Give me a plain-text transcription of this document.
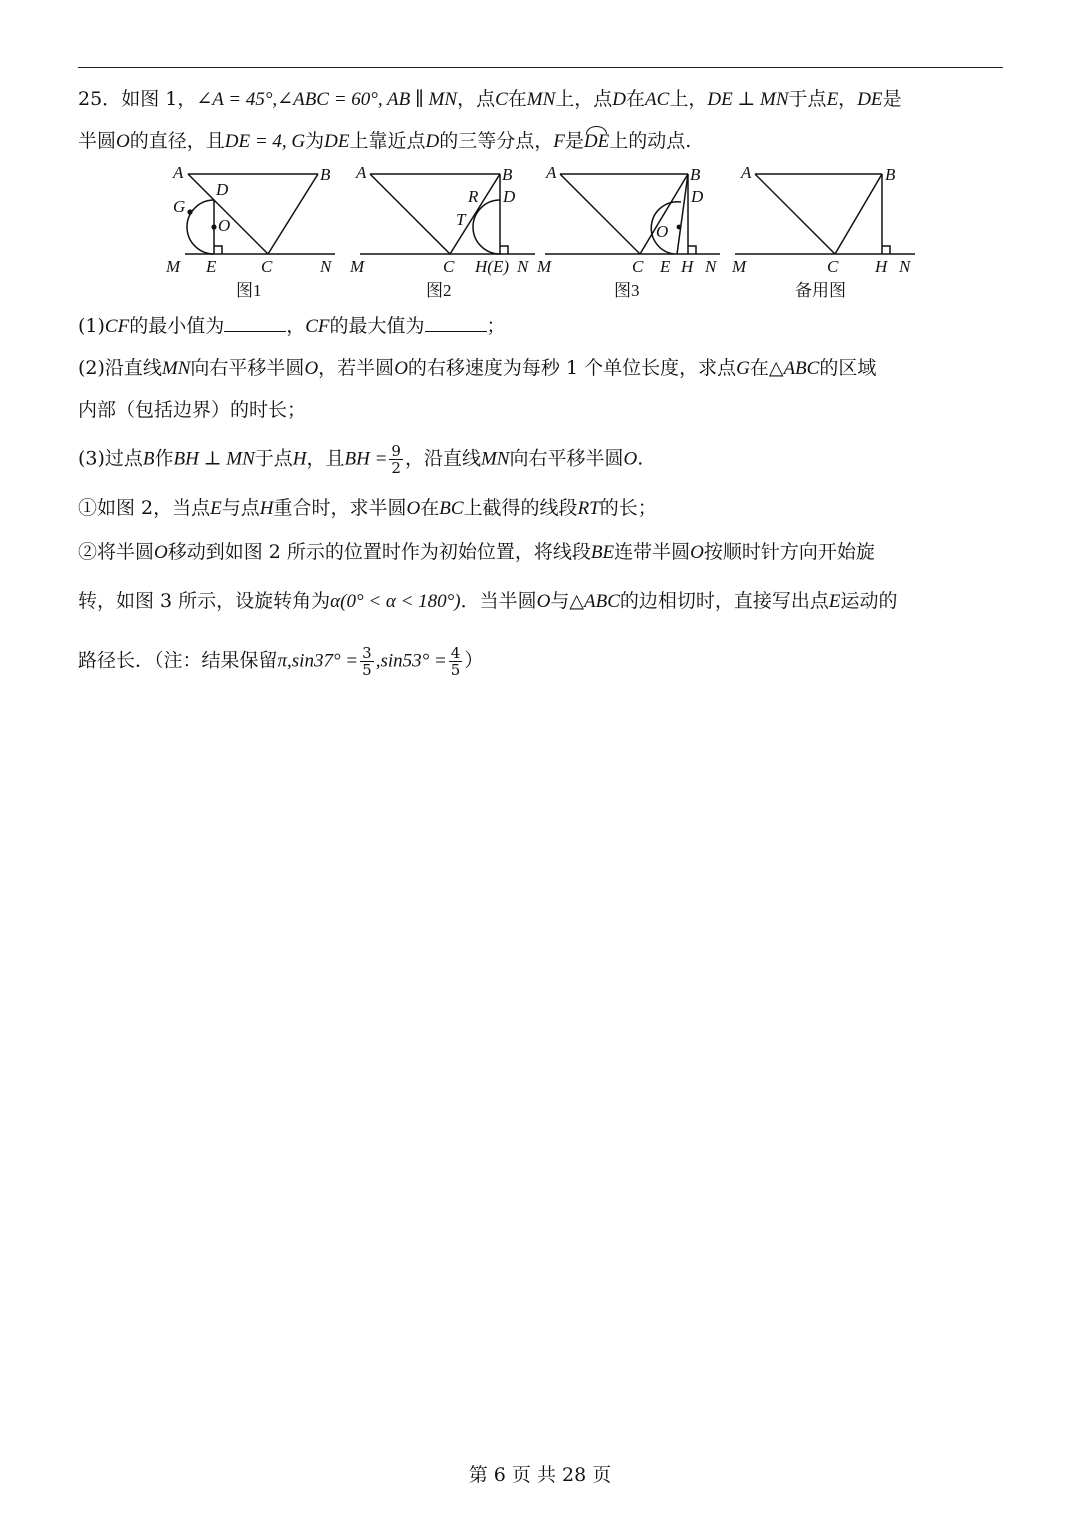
25．如图 1，∠A = 45°,∠ABC = 60°, AB ∥ MN，点C在MN上，点D在AC上，DE ⊥ MN于点E，DE是
半圆O的直径，且DE = 4, G为DE上靠近点D的三等分点，F是DE上的动点.
A	B
D
G
O
M E	C	N
A	B
R D
T
M	C H(E) N
A	B
D
O
M	C E H N
A	B
M	C H N
图1	图2	图3	备用图
(1)CF的最小值为	，CF的最大值为	；
(2)沿直线MN向右平移半圆O，若半圆O的右移速度为每秒 1 个单位长度，求点G在△ABC的区域
内部（包括边界）的时长；
(3)过点B作BH ⊥ MN于点H，且BH = $\frac{9}{2}$ ，沿直线MN向右平移半圆O.
①如图 2，当点E与点H重合时，求半圆O在BC上截得的线段RT的长；
②将半圆O移动到如图 2 所示的位置时作为初始位置，将线段BE连带半圆O按顺时针方向开始旋
转，如图 3 所示，设旋转角为α(0° < α < 180°)．当半圆O与△ABC的边相切时，直接写出点E运动的
路径长．（注：结果保留$\pi,\sin 37^\circ = \frac{3}{5} ,\sin 53^\circ = \frac{4}{5}$ ）
第 6 页 共 28 页
